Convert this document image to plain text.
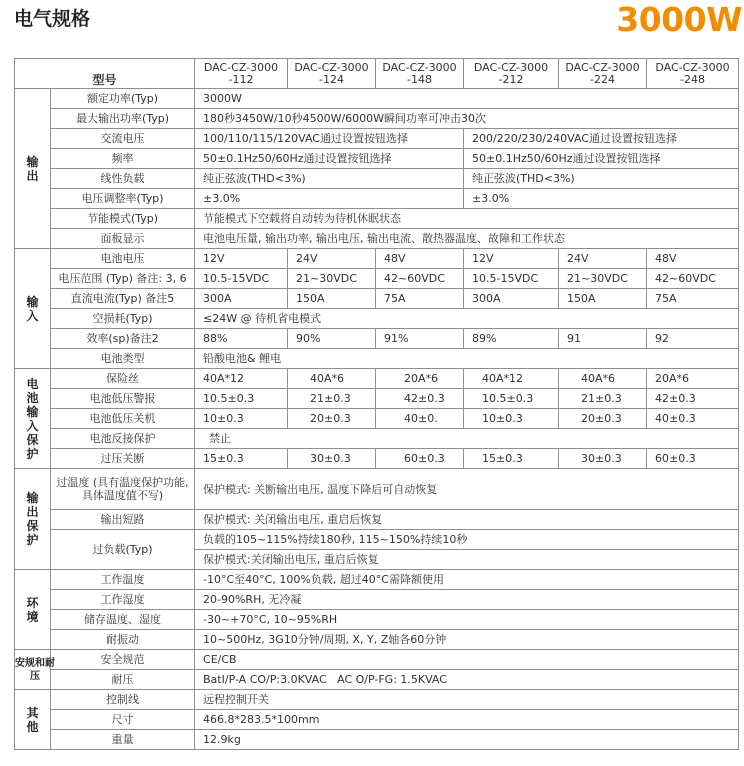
电气规格	3000W
型号		DAC-CZ-3000 -112	DAC-CZ-3000 -124	DAC-CZ-3000 -148	DAC-CZ-3000 -212	DAC-CZ-3000 -224	DAC-CZ-3000 -248
输出	额定功率(Typ)	3000W					
	最大输出功率(Typ)	180秒3450W/10秒4500W/6000W瞬间功率可冲击30次					
	交流电压	100/110/115/120VAC通过设置按钮选择			200/220/230/240VAC通过设置按钮选择		
	频率	50±0.1Hz50/60Hz通过设置按钮选择			50±0.1Hz50/60Hz通过设置按钮选择		
	线性负载	纯正弦波(THD<3%)			纯正弦波(THD<3%)		
	电压调整率(Typ)	±3.0%			±3.0%		
	节能模式(Typ)	节能模式下空载将自动转为待机休眠状态					
	面板显示	电池电压量, 输出功率, 输出电压, 输出电流、散热器温度、故障和工作状态					
输入	电池电压	12V	24V	48V	12V	24V	48V
	电压范围 (Typ) 备注: 3, 6	10.5-15VDC	21~30VDC	42~60VDC	10.5-15VDC	21~30VDC	42~60VDC
	直流电流(Typ) 备注5	300A	150A	75A	300A	150A	75A
	空损耗(Typ)	≤24W @ 待机省电模式					
	效率(sp)备注2	88%	90%	91%	89%	91	92
	电池类型	铅酸电池& 鲤电					
电池输入保护	保险丝	40A*12	40A*6	20A*6	40A*12	40A*6	20A*6
	电池低压警报	10.5±0.3	21±0.3	42±0.3	10.5±0.3	21±0.3	42±0.3
	电池低压关机	10±0.3	20±0.3	40±0.	10±0.3	20±0.3	40±0.3
	电池反接保护	禁止					
	过压关断	15±0.3	30±0.3	60±0.3	15±0.3	30±0.3	60±0.3
输出保护	过温度 (具有温度保护功能, 具体温度值不写)	保护模式: 关断输出电压, 温度下降后可自动恢复					
	输出短路	保护模式: 关闭输出电压, 重启后恢复					
	过负载(Typ)	负载的105~115%持续180秒, 115~150%持续10秒					
		保护模式:关闭输出电压, 重启后恢复					
环境	工作温度	-10°C至40°C, 100%负载, 超过40°C需降额使用					
	工作湿度	20-90%RH, 无冷凝					
	储存温度、湿度	-30~+70°C, 10~95%RH					
	耐振动	10~500Hz, 3G10分钟/周期, X, Y, Z轴各60分钟					
安规和耐压	安全规范	CE/CB					
	耐压	BatI/P-A CO/P:3.0KVAC   AC O/P-FG: 1.5KVAC					
其他	控制线	远程控制开关					
	尺寸	466.8*283.5*100mm					
	重量	12.9kg					
